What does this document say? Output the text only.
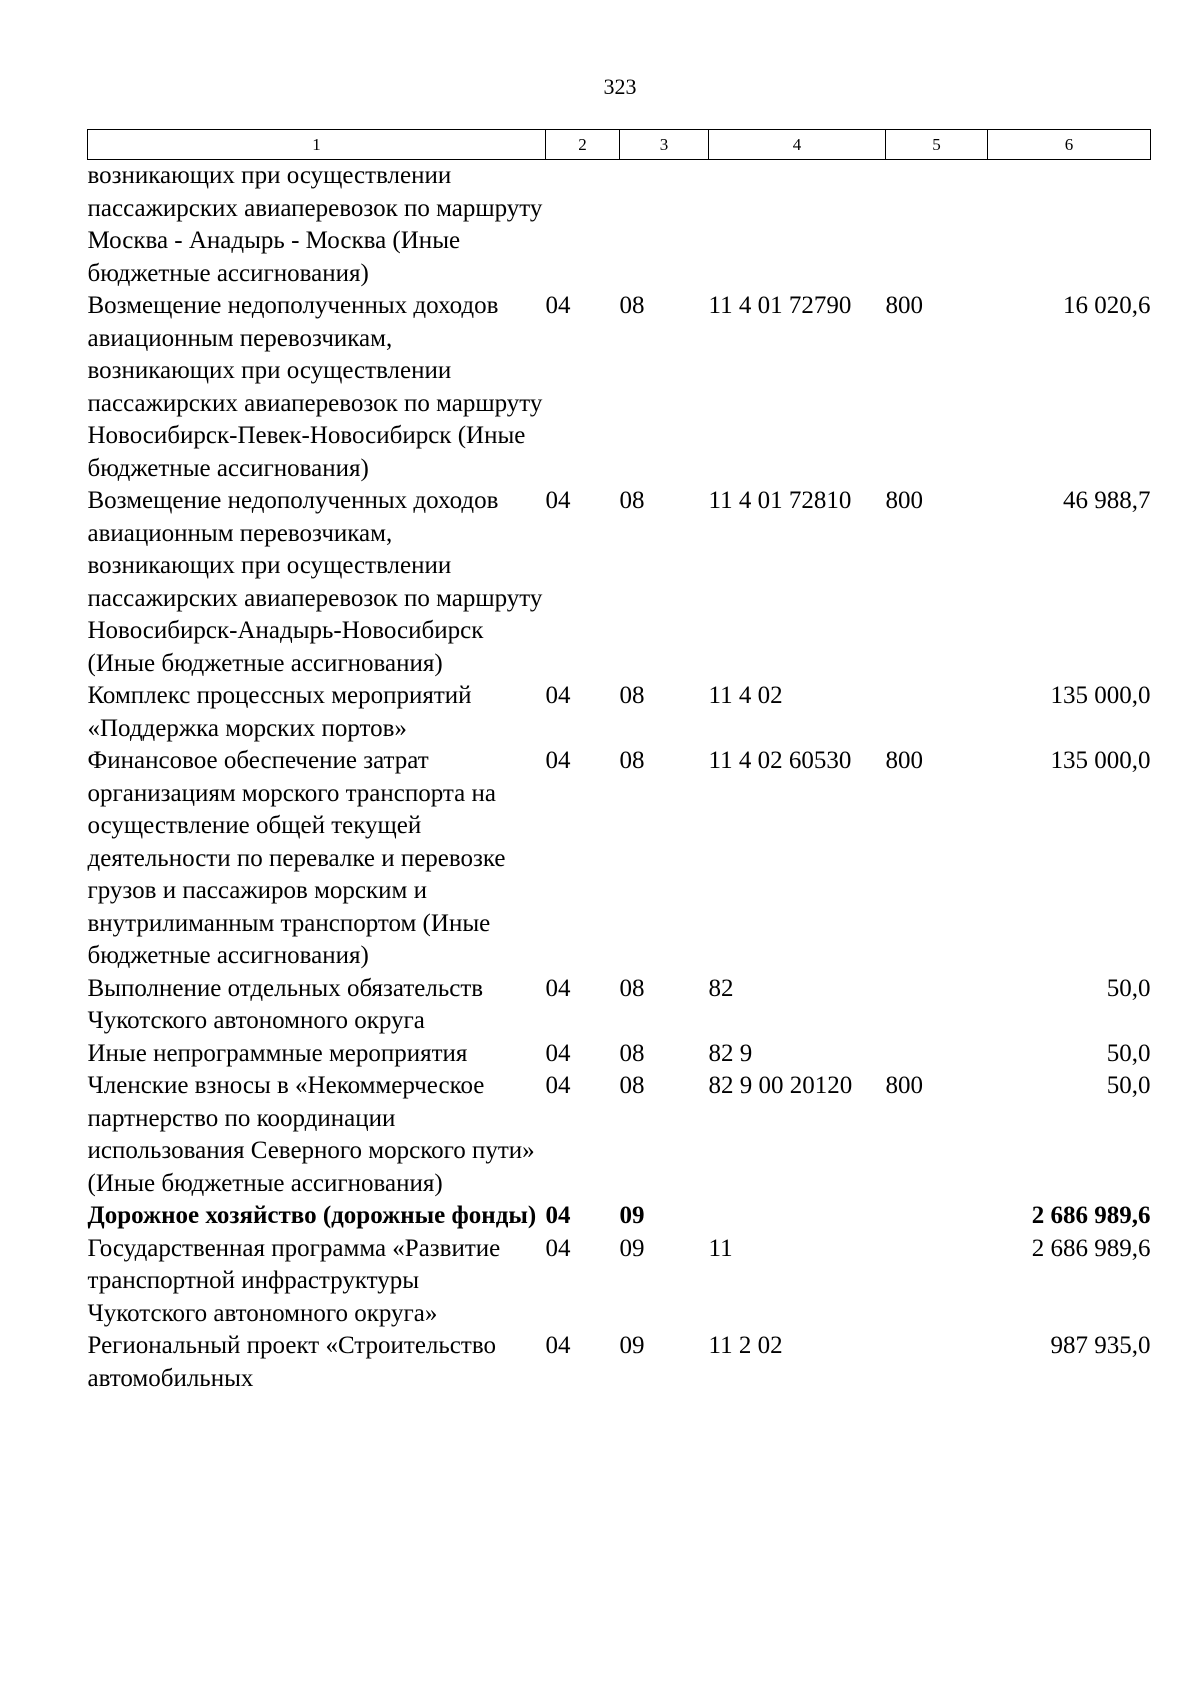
323
1	2	3	4	5	6
возникающих при осуществлении пассажирских авиаперевозок по маршруту Москва - Анадырь - Москва (Иные бюджетные ассигнования)					
Возмещение недополученных доходов авиационным перевозчикам, возникающих при осуществлении пассажирских авиаперевозок по маршруту Новосибирск-Певек-Новосибирск (Иные бюджетные ассигнования)	04	08	11 4 01 72790	800	16 020,6
Возмещение недополученных доходов авиационным перевозчикам, возникающих при осуществлении пассажирских авиаперевозок по маршруту Новосибирск-Анадырь-Новосибирск (Иные бюджетные ассигнования)	04	08	11 4 01 72810	800	46 988,7
Комплекс процессных мероприятий «Поддержка морских портов»	04	08	11 4 02		135 000,0
Финансовое обеспечение затрат организациям морского транспорта на осуществление общей текущей деятельности по перевалке и перевозке грузов и пассажиров морским и внутрилиманным транспортом (Иные бюджетные ассигнования)	04	08	11 4 02 60530	800	135 000,0
Выполнение отдельных обязательств Чукотского автономного округа	04	08	82		50,0
Иные непрограммные мероприятия	04	08	82 9		50,0
Членские взносы в «Некоммерческое партнерство по координации использования Северного морского пути» (Иные бюджетные ассигнования)	04	08	82 9 00 20120	800	50,0
Дорожное хозяйство (дорожные фонды)	04	09			2 686 989,6
Государственная программа «Развитие транспортной инфраструктуры Чукотского автономного округа»	04	09	11		2 686 989,6
Региональный проект «Строительство автомобильных	04	09	11 2 02		987 935,0
